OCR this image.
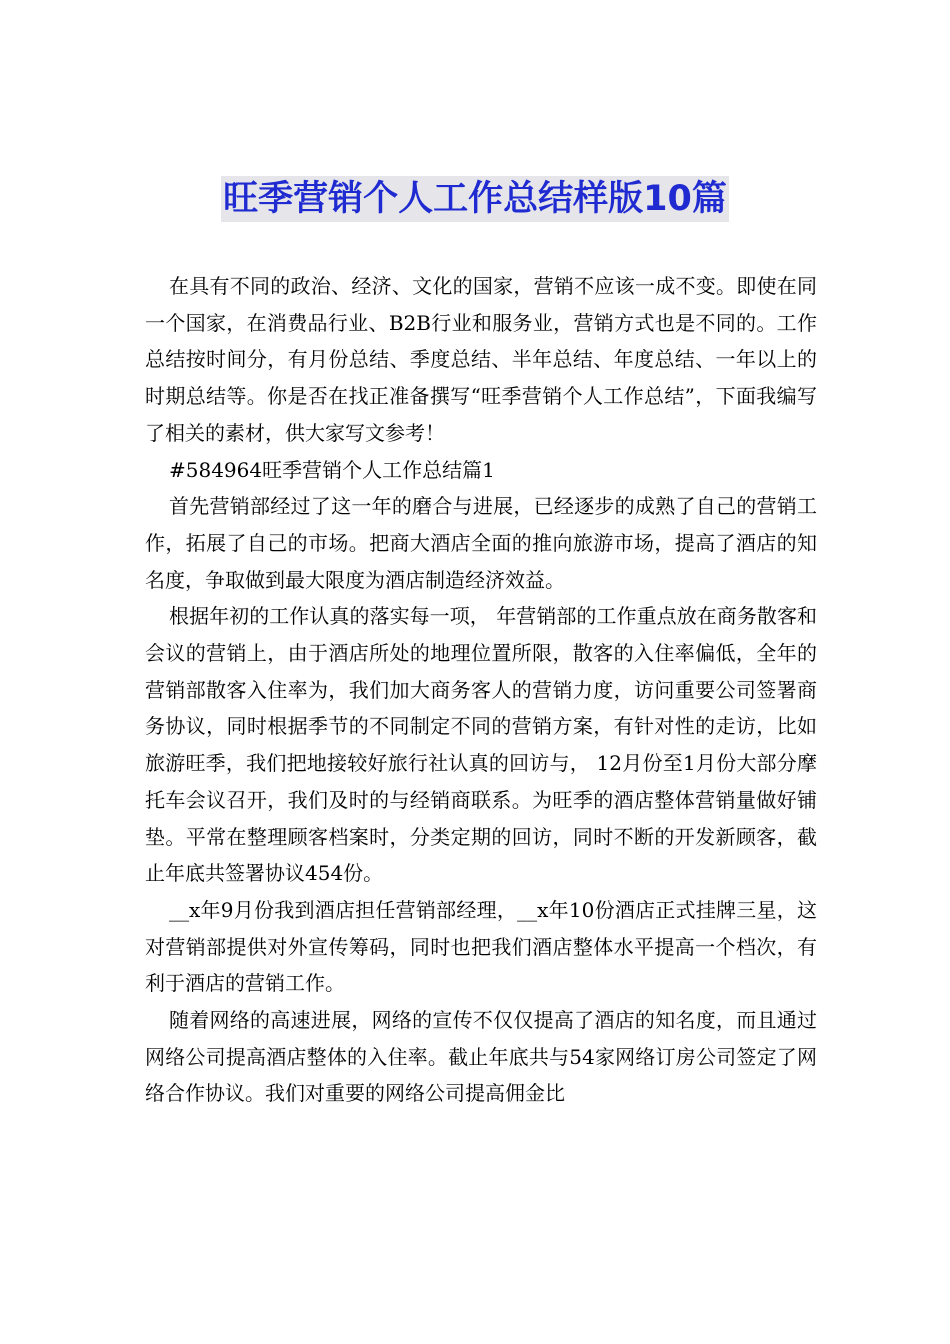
旺季营销个人工作总结样版10篇

在具有不同的政治、经济、文化的国家，营销不应该一成不变。即使在同一个国家，在消费品行业、B2B行业和服务业，营销方式也是不同的。工作总结按时间分，有月份总结、季度总结、半年总结、年度总结、一年以上的时期总结等。你是否在找正准备撰写“旺季营销个人工作总结”，下面我编写了相关的素材，供大家写文参考！

#584964旺季营销个人工作总结篇1

首先营销部经过了这一年的磨合与进展，已经逐步的成熟了自己的营销工作，拓展了自己的市场。把商大酒店全面的推向旅游市场，提高了酒店的知名度，争取做到最大限度为酒店制造经济效益。

根据年初的工作认真的落实每一项， 年营销部的工作重点放在商务散客和会议的营销上，由于酒店所处的地理位置所限，散客的入住率偏低，全年的营销部散客入住率为，我们加大商务客人的营销力度，访问重要公司签署商务协议，同时根据季节的不同制定不同的营销方案，有针对性的走访，比如旅游旺季，我们把地接较好旅行社认真的回访与， 12月份至1月份大部分摩托车会议召开，我们及时的与经销商联系。为旺季的酒店整体营销量做好铺垫。平常在整理顾客档案时，分类定期的回访，同时不断的开发新顾客，截止年底共签署协议454份。

__x年9月份我到酒店担任营销部经理，__x年10份酒店正式挂牌三星，这对营销部提供对外宣传筹码，同时也把我们酒店整体水平提高一个档次，有利于酒店的营销工作。

随着网络的高速进展，网络的宣传不仅仅提高了酒店的知名度，而且通过网络公司提高酒店整体的入住率。截止年底共与54家网络订房公司签定了网络合作协议。我们对重要的网络公司提高佣金比
